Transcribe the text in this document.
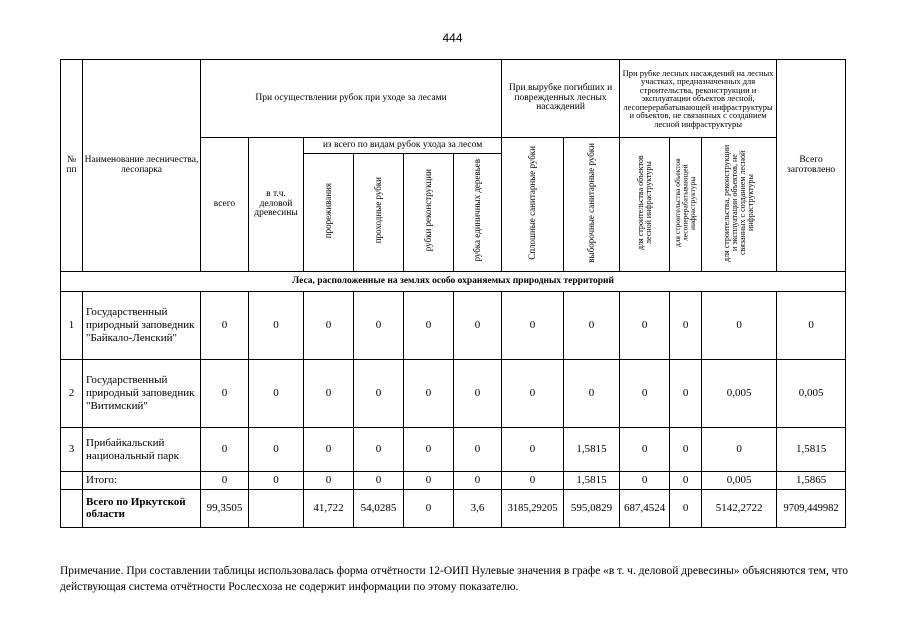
444
№ пп	Наименование лесничества, лесопарка	При осуществлении рубок при уходе за лесами						При вырубке погибших и поврежденных лесных насаждений		При рубке лесных насаждений на лесных участках, предназначенных для строительства, реконструкции и эксплуатации объектов лесной, лесоперерабатывающей инфраструктуры и объектов, не связанных с созданием лесной инфраструктуры			Всего заготовлено
		всего	в т.ч. деловой древесины	из всего по видам рубок ухода за лесом				Сплошные санитарные рубки	выборочные санитарные рубки	для строительства объектов лесной инфраструктуры	для строительства объектов лесоперерабатывающей инфраструктуры	для строительства, реконструкции и эксплуатации объектов, не связанных с созданием лесной инфраструктуры	
				прореживания	проходные рубки	рубки реконструкции	рубка единичных деревьев						
Леса, расположенные на землях особо охраняемых природных территорий													
1	Государственный природный заповедник "Байкало-Ленский"	0	0	0	0	0	0	0	0	0	0	0	0
2	Государственный природный заповедник "Витимский"	0	0	0	0	0	0	0	0	0	0	0,005	0,005
3	Прибайкальский национальный парк	0	0	0	0	0	0	0	1,5815	0	0	0	1,5815
	Итого:	0	0	0	0	0	0	0	1,5815	0	0	0,005	1,5865
	Всего по Иркутской области	99,3505		41,722	54,0285	0	3,6	3185,29205	595,0829	687,4524	0	5142,2722	9709,449982
Примечание. При составлении таблицы использовалась форма отчётности 12-ОИП Нулевые значения в графе «в т. ч. деловой древесины» объясняются тем, что действующая система отчётности Рослесхоза не содержит информации по этому показателю.
